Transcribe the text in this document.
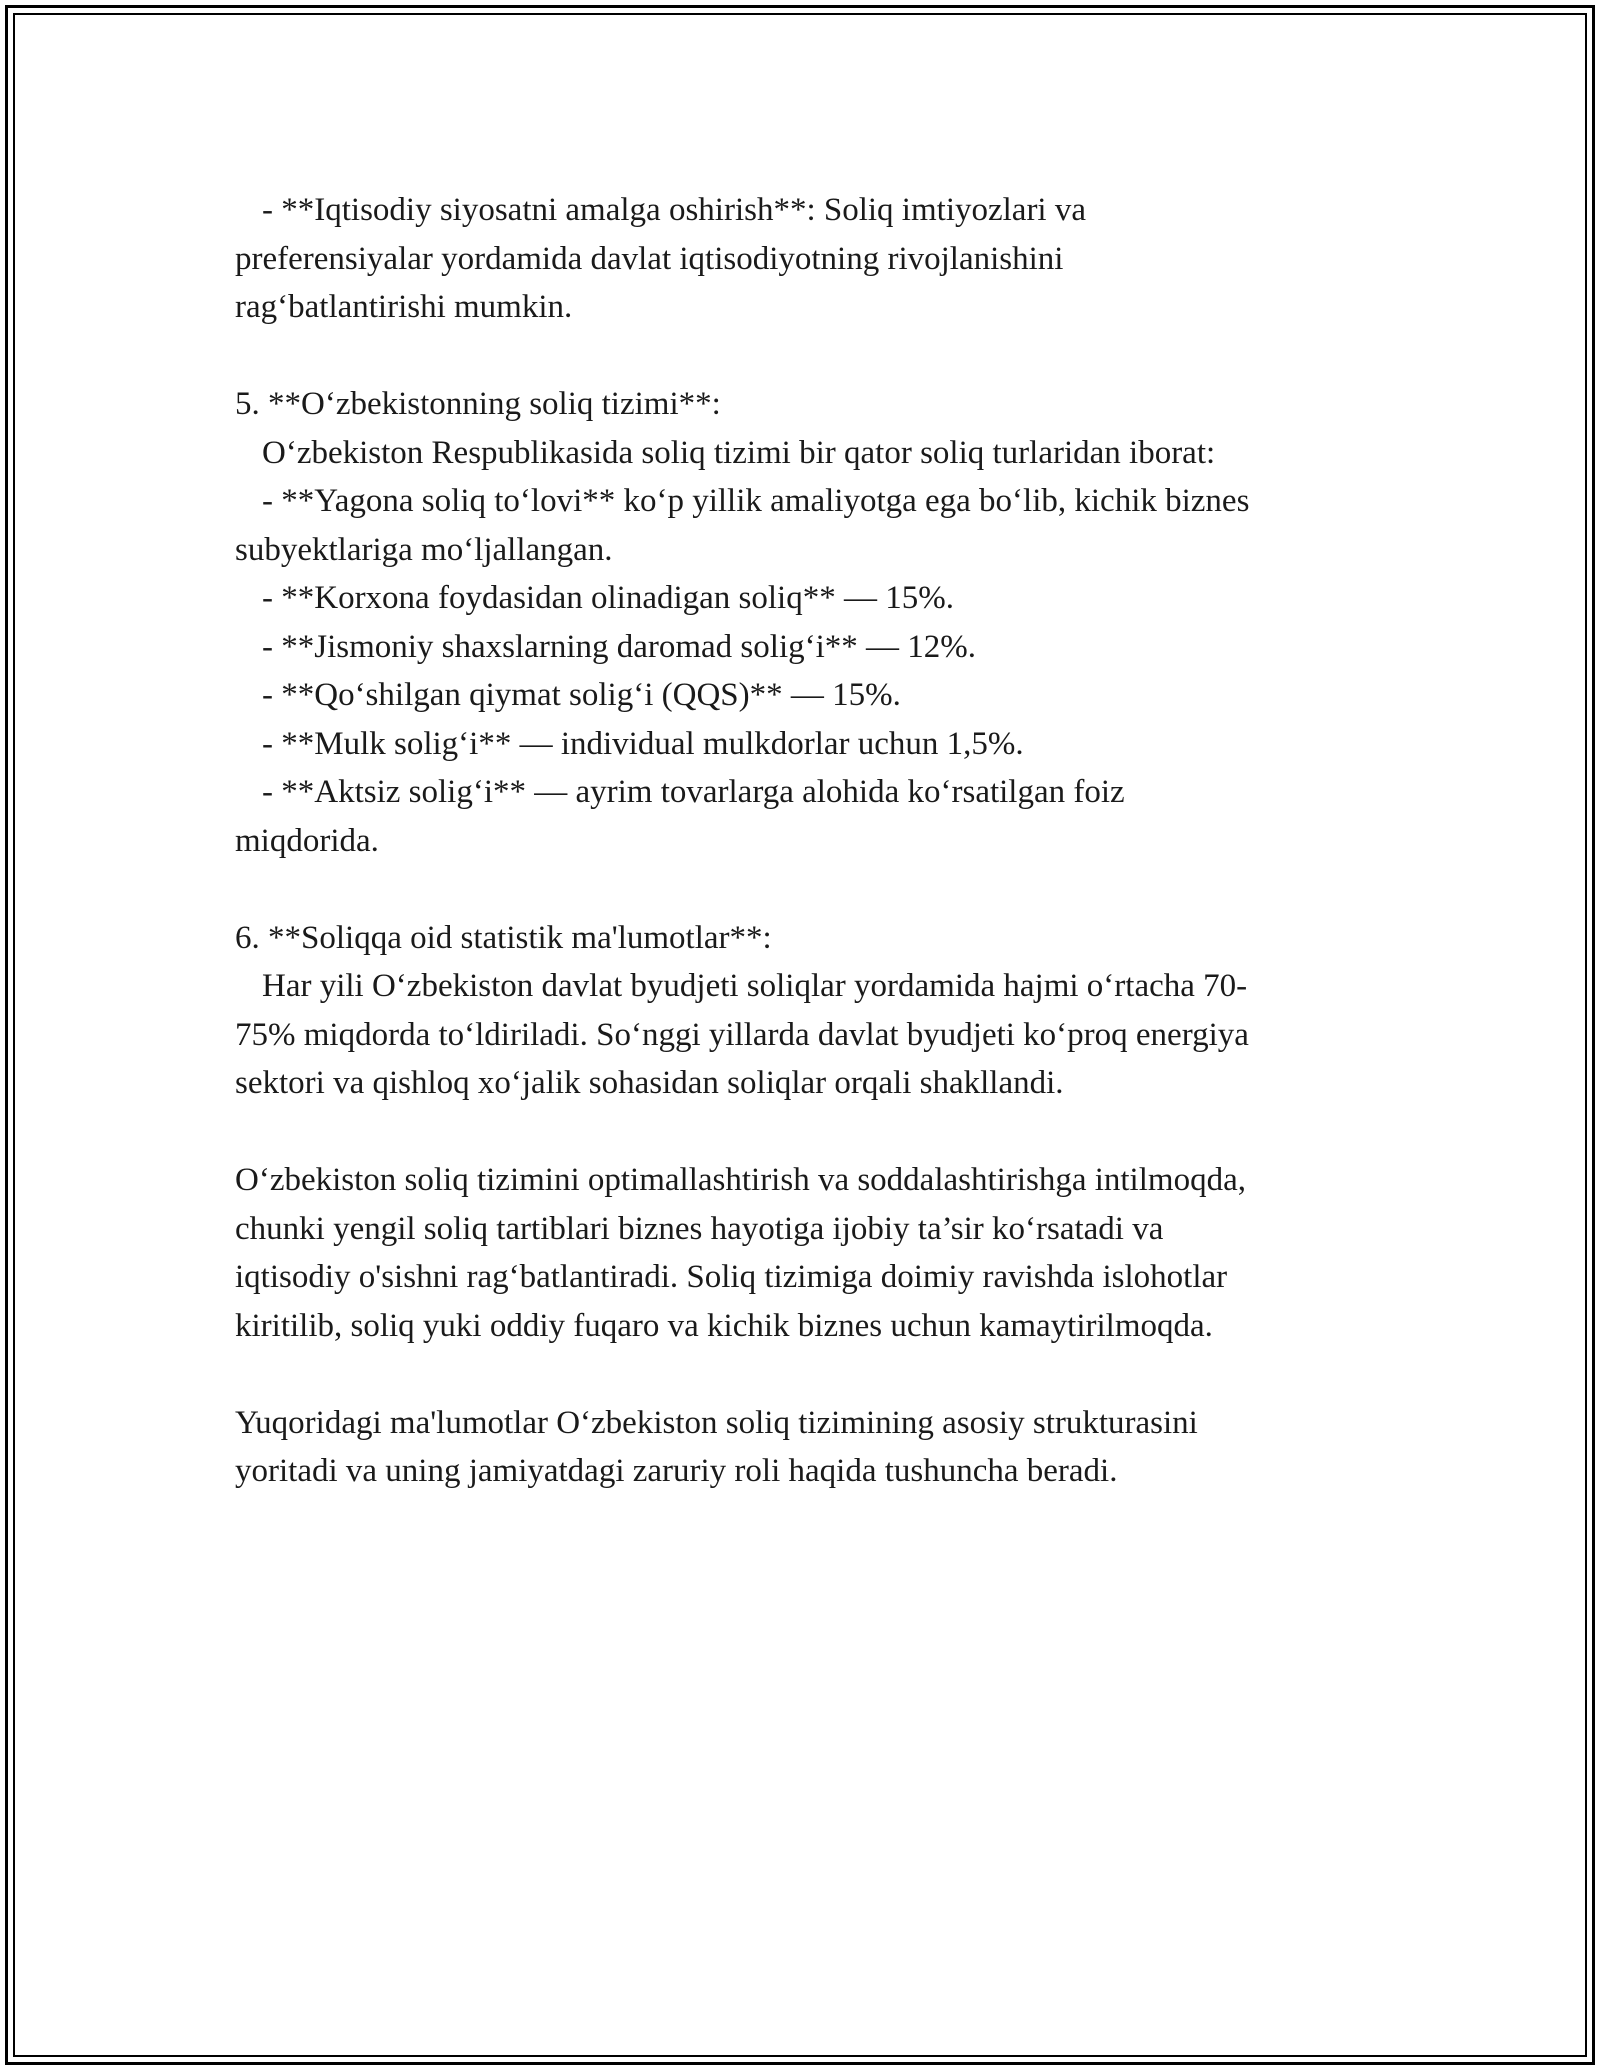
- **Iqtisodiy siyosatni amalga oshirish**: Soliq imtiyozlari va

preferensiyalar yordamida davlat iqtisodiyotning rivojlanishini

rag‘batlantirishi mumkin.

5. **O‘zbekistonning soliq tizimi**:

O‘zbekiston Respublikasida soliq tizimi bir qator soliq turlaridan iborat:

- **Yagona soliq to‘lovi** ko‘p yillik amaliyotga ega bo‘lib, kichik biznes

subyektlariga mo‘ljallangan.

- **Korxona foydasidan olinadigan soliq** — 15%.

- **Jismoniy shaxslarning daromad solig‘i** — 12%.

- **Qo‘shilgan qiymat solig‘i (QQS)** — 15%.

- **Mulk solig‘i** — individual mulkdorlar uchun 1,5%.

- **Aktsiz solig‘i** — ayrim tovarlarga alohida ko‘rsatilgan foiz

miqdorida.

6. **Soliqqa oid statistik ma'lumotlar**:

Har yili O‘zbekiston davlat byudjeti soliqlar yordamida hajmi o‘rtacha 70-

75% miqdorda to‘ldiriladi. So‘nggi yillarda davlat byudjeti ko‘proq energiya

sektori va qishloq xo‘jalik sohasidan soliqlar orqali shakllandi.

O‘zbekiston soliq tizimini optimallashtirish va soddalashtirishga intilmoqda,

chunki yengil soliq tartiblari biznes hayotiga ijobiy ta’sir ko‘rsatadi va

iqtisodiy o'sishni rag‘batlantiradi. Soliq tizimiga doimiy ravishda islohotlar

kiritilib, soliq yuki oddiy fuqaro va kichik biznes uchun kamaytirilmoqda.

Yuqoridagi ma'lumotlar O‘zbekiston soliq tizimining asosiy strukturasini

yoritadi va uning jamiyatdagi zaruriy roli haqida tushuncha beradi.
